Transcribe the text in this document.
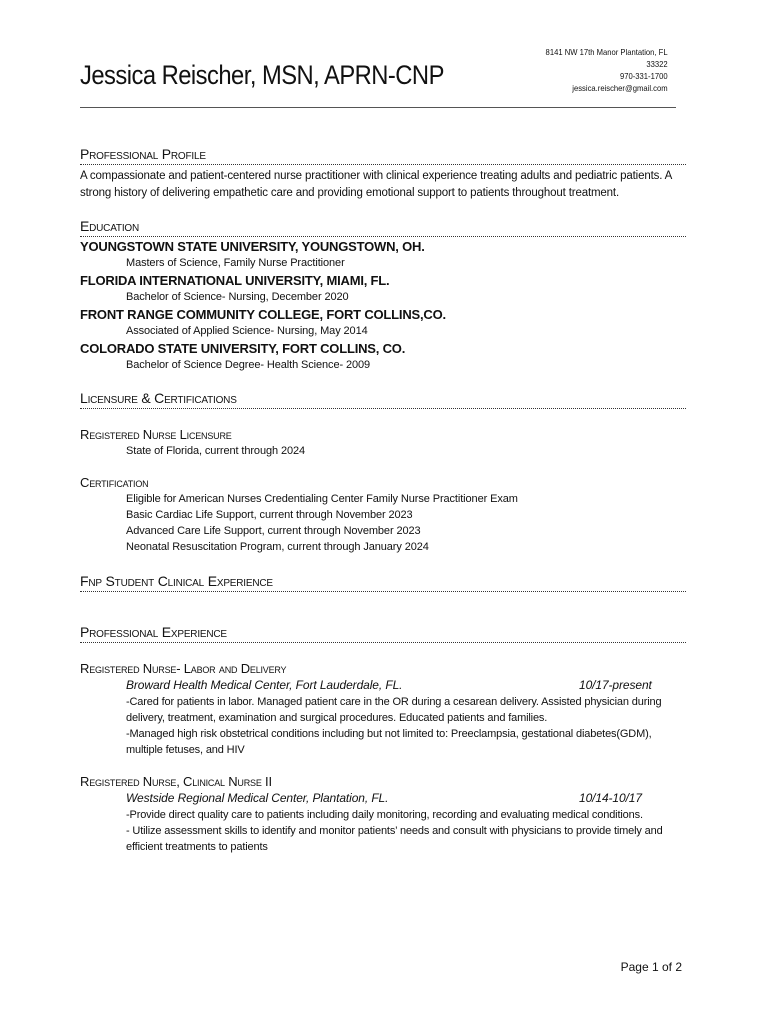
Jessica Reischer, MSN, APRN-CNP
8141 NW 17th Manor Plantation, FL
33322
970-331-1700
jessica.reischer@gmail.com
Professional Profile
A compassionate and patient-centered nurse practitioner with clinical experience treating adults and pediatric patients. A strong history of delivering empathetic care and providing emotional support to patients throughout treatment.
Education
YOUNGSTOWN STATE UNIVERSITY, YOUNGSTOWN, OH.
Masters of Science, Family Nurse Practitioner
FLORIDA INTERNATIONAL UNIVERSITY, MIAMI, FL.
Bachelor of Science- Nursing, December 2020
FRONT RANGE COMMUNITY COLLEGE, FORT COLLINS,CO.
Associated of Applied Science- Nursing, May 2014
COLORADO STATE UNIVERSITY, FORT COLLINS, CO.
Bachelor of Science Degree- Health Science- 2009
Licensure & Certifications
Registered Nurse Licensure
State of Florida, current through 2024
Certification
Eligible for American Nurses Credentialing Center Family Nurse Practitioner Exam
Basic Cardiac Life Support, current through November 2023
Advanced Care Life Support, current through November 2023
Neonatal Resuscitation Program, current through January 2024
Fnp Student Clinical Experience
Professional Experience
Registered Nurse- Labor and Delivery
Broward Health Medical Center, Fort Lauderdale, FL.	10/17-present
-Cared for patients in labor. Managed patient care in the OR during a cesarean delivery. Assisted physician during delivery, treatment, examination and surgical procedures. Educated patients and families.
-Managed high risk obstetrical conditions including but not limited to: Preeclampsia, gestational diabetes(GDM), multiple fetuses, and HIV
Registered Nurse, Clinical Nurse II
Westside Regional Medical Center, Plantation, FL.	10/14-10/17
-Provide direct quality care to patients including daily monitoring, recording and evaluating medical conditions.
- Utilize assessment skills to identify and monitor patients’ needs and consult with physicians to provide timely and efficient treatments to patients
Page 1 of 2
